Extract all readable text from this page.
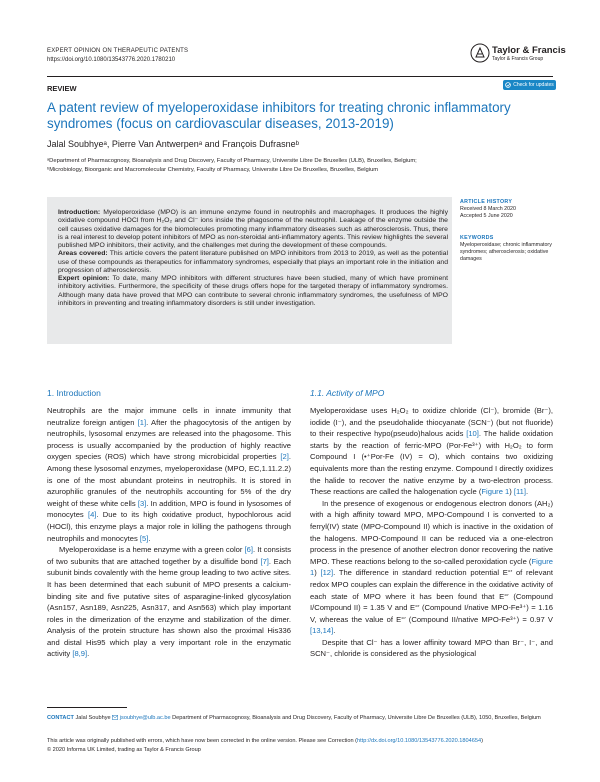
EXPERT OPINION ON THERAPEUTIC PATENTS
https://doi.org/10.1080/13543776.2020.1780210
Taylor & Francis
Taylor & Francis Group
REVIEW	Check for updates
A patent review of myeloperoxidase inhibitors for treating chronic inflammatory syndromes (focus on cardiovascular diseases, 2013-2019)
Jalal Soubhyeᵃ, Pierre Van Antwerpenᵃ and François Dufrasneᵇ
ᵃDepartment of Pharmacognosy, Bioanalysis and Drug Discovery, Faculty of Pharmacy, Universite Libre De Bruxelles (ULB), Bruxelles, Belgium;
ᵇMicrobiology, Bioorganic and Macromolecular Chemistry, Faculty of Pharmacy, Universite Libre De Bruxelles, Bruxelles, Belgium
Introduction: Myeloperoxidase (MPO) is an immune enzyme found in neutrophils and macrophages. It produces the highly oxidative compound HOCl from H₂O₂ and Cl⁻ ions inside the phagosome of the neutrophil. Leakage of the enzyme outside the cell causes oxidative damages for the biomolecules promoting many inflammatory diseases such as atherosclerosis. Thus, there is a real interest to develop potent inhibitors of MPO as non-steroidal anti-inflammatory agents. This review highlights the several published MPO inhibitors, their activity, and the challenges met during the development of these compounds.
Areas covered: This article covers the patent literature published on MPO inhibitors from 2013 to 2019, as well as the potential use of these compounds as therapeutics for inflammatory syndromes, especially that plays an important role in the initiation and progression of atherosclerosis.
Expert opinion: To date, many MPO inhibitors with different structures have been studied, many of which have prominent inhibitory activities. Furthermore, the specificity of these drugs offers hope for the targeted therapy of inflammatory syndromes. Although many data have proved that MPO can contribute to several chronic inflammatory syndromes, the usefulness of MPO inhibitors in preventing and treating inflammatory disorders is still under investigation.
ARTICLE HISTORY
Received 8 March 2020
Accepted 5 June 2020
KEYWORDS
Myeloperoxidase; chronic inflammatory syndromes; atherosclerosis; oxidative damages
1. Introduction	1.1. Activity of MPO

Neutrophils are the major immune cells in innate immunity that neutralize foreign antigen [1]. After the phagocytosis of the antigen by neutrophils, lysosomal enzymes are released into the phagosome. This process is usually accompanied by the production of highly reactive oxygen species (ROS) which have strong microbicidal properties [2]. Among these lysosomal enzymes, myeloperoxidase (MPO, EC,1.11.2.2) is one of the most abundant proteins in neutrophils. It is stored in azurophilic granules of the neutrophils accounting for 5% of the dry weight of these white cells [3]. In addition, MPO is found in lysosomes of monocytes [4]. Due to its high oxidative product, hypochlorous acid (HOCl), this enzyme plays a major role in killing the pathogens through neutrophils and monocytes [5].

Myeloperoxidase is a heme enzyme with a green color [6]. It consists of two subunits that are attached together by a disulfide bond [7]. Each subunit binds covalently with the heme group leading to two active sites. It has been determined that each subunit of MPO presents a calcium-binding site and five putative sites of asparagine-linked glycosylation (Asn157, Asn189, Asn225, Asn317, and Asn563) which play important roles in the dimerization of the enzyme and stabilization of the dimer. Analysis of the protein structure has shown also the proximal His336 and distal His95 which play a very important role in the enzymatic activity [8,9].

Myeloperoxidase uses H₂O₂ to oxidize chloride (Cl⁻), bromide (Br⁻), iodide (I⁻), and the pseudohalide thiocyanate (SCN⁻) (but not fluoride) to their respective hypo(pseudo)halous acids [10]. The halide oxidation starts by the reaction of ferric-MPO (Por-Fe³⁺) with H₂O₂ to form Compound I (•⁺Por-Fe (IV) = O), which contains two oxidizing equivalents more than the resting enzyme. Compound I directly oxidizes the halide to recover the native enzyme by a two-electron process. These reactions are called the halogenation cycle (Figure 1) [11].

In the presence of exogenous or endogenous electron donors (AH₂) with a high affinity toward MPO, MPO-Compound I is converted to a ferryl(IV) state (MPO-Compound II) which is inactive in the oxidation of the halogens. MPO-Compound II can be reduced via a one-electron process in the presence of another electron donor recovering the native MPO. These reactions belong to the so-called peroxidation cycle (Figure 1) [12]. The difference in standard reduction potential E°′ of relevant redox MPO couples can explain the difference in the oxidative activity of each state of MPO where it has been found that E°′ (Compound I/Compound II) = 1.35 V and E°′ (Compound I/native MPO-Fe³⁺) = 1.16 V, whereas the value of E°′ (Compound II/native MPO-Fe³⁺) = 0.97 V [13,14].

Despite that Cl⁻ has a lower affinity toward MPO than Br⁻, I⁻, and SCN⁻, chloride is considered as the physiological

CONTACT Jalal Soubhye jsoubhye@ulb.ac.be Department of Pharmacognosy, Bioanalysis and Drug Discovery, Faculty of Pharmacy, Universite Libre De Bruxelles (ULB), 1050, Bruxelles, Belgium
This article was originally published with errors, which have now been corrected in the online version. Please see Correction (http://dx.doi.org/10.1080/13543776.2020.1804654)
© 2020 Informa UK Limited, trading as Taylor & Francis Group
